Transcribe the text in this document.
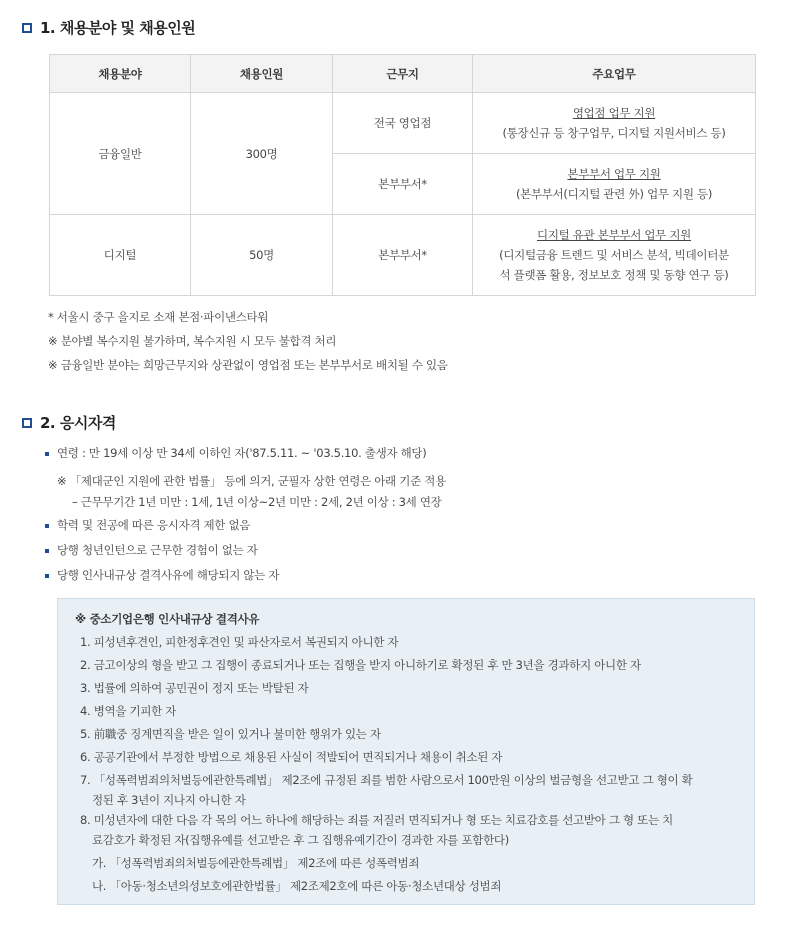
1. 채용분야 및 채용인원
채용분야	채용인원	근무지	주요업무
금융일반	300명	전국 영업점	영업점 업무 지원
(통장신규 등 창구업무, 디지털 지원서비스 등)

		본부부서*	본부부서 업무 지원
(본부부서(디지털 관련 外) 업무 지원 등)

디지털	50명	본부부서*	디지털 유관 본부부서 업무 지원
(디지털금융 트렌드 및 서비스 분석, 빅데이터분
석 플랫폼 활용, 정보보호 정책 및 동향 연구 등)
* 서울시 중구 을지로 소재 본점·파이낸스타워
※ 분야별 복수지원 불가하며, 복수지원 시 모두 불합격 처리
※ 금융일반 분야는 희망근무지와 상관없이 영업점 또는 본부부서로 배치될 수 있음
2. 응시자격
연령 : 만 19세 이상 만 34세 이하인 자('87.5.11. ~ '03.5.10. 출생자 해당)
※ 「제대군인 지원에 관한 법률」 등에 의거, 군필자 상한 연령은 아래 기준 적용
– 근무무기간 1년 미만 : 1세, 1년 이상~2년 미만 : 2세, 2년 이상 : 3세 연장
학력 및 전공에 따른 응시자격 제한 없음
당행 청년인턴으로 근무한 경험이 없는 자
당행 인사내규상 결격사유에 해당되지 않는 자
※ 중소기업은행 인사내규상 결격사유
1. 피성년후견인, 피한정후견인 및 파산자로서 복권되지 아니한 자
2. 금고이상의 형을 받고 그 집행이 종료되거나 또는 집행을 받지 아니하기로 확정된 후 만 3년을 경과하지 아니한 자
3. 법률에 의하여 공민권이 정지 또는 박탈된 자
4. 병역을 기피한 자
5. 前職중 징계면직을 받은 일이 있거나 불미한 행위가 있는 자
6. 공공기관에서 부정한 방법으로 채용된 사실이 적발되어 면직되거나 채용이 취소된 자
7. 「성폭력범죄의처벌등에관한특례법」 제2조에 규정된 죄를 범한 사람으로서 100만원 이상의 벌금형을 선고받고 그 형이 확
정된 후 3년이 지나지 아니한 자
8. 미성년자에 대한 다음 각 목의 어느 하나에 해당하는 죄를 저질러 면직되거나 형 또는 치료감호를 선고받아 그 형 또는 치
료감호가 확정된 자(집행유예를 선고받은 후 그 집행유예기간이 경과한 자를 포함한다)
가. 「성폭력범죄의처벌등에관한특례법」 제2조에 따른 성폭력범죄
나. 「아동·청소년의성보호에관한법률」 제2조제2호에 따른 아동·청소년대상 성범죄
